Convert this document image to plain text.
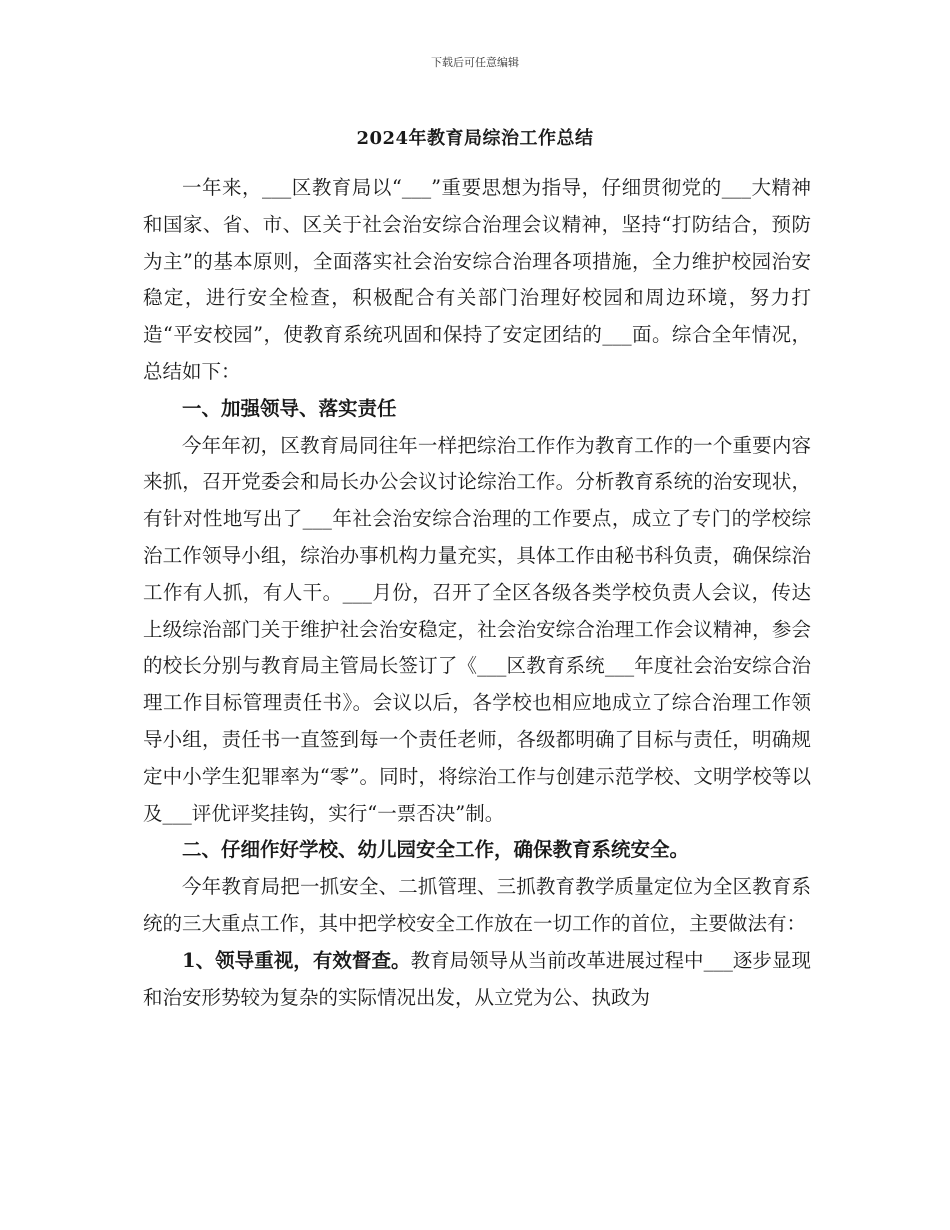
下载后可任意编辑
2024年教育局综治工作总结

一年来，___区教育局以“___”重要思想为指导，仔细贯彻党的___大精神和国家、省、市、区关于社会治安综合治理会议精神，坚持“打防结合，预防为主”的基本原则，全面落实社会治安综合治理各项措施，全力维护校园治安稳定，进行安全检查，积极配合有关部门治理好校园和周边环境，努力打造“平安校园”，使教育系统巩固和保持了安定团结的___面。综合全年情况，总结如下：

一、加强领导、落实责任

今年年初，区教育局同往年一样把综治工作作为教育工作的一个重要内容来抓，召开党委会和局长办公会议讨论综治工作。分析教育系统的治安现状，有针对性地写出了___年社会治安综合治理的工作要点，成立了专门的学校综治工作领导小组，综治办事机构力量充实，具体工作由秘书科负责，确保综治工作有人抓，有人干。___月份，召开了全区各级各类学校负责人会议，传达上级综治部门关于维护社会治安稳定，社会治安综合治理工作会议精神，参会的校长分别与教育局主管局长签订了《___区教育系统___年度社会治安综合治理工作目标管理责任书》。会议以后，各学校也相应地成立了综合治理工作领导小组，责任书一直签到每一个责任老师，各级都明确了目标与责任，明确规定中小学生犯罪率为“零”。同时，将综治工作与创建示范学校、文明学校等以及___评优评奖挂钩，实行“一票否决”制。

二、仔细作好学校、幼儿园安全工作，确保教育系统安全。

今年教育局把一抓安全、二抓管理、三抓教育教学质量定位为全区教育系统的三大重点工作，其中把学校安全工作放在一切工作的首位，主要做法有：

1、领导重视，有效督查。教育局领导从当前改革进展过程中___逐步显现和治安形势较为复杂的实际情况出发，从立党为公、执政为
